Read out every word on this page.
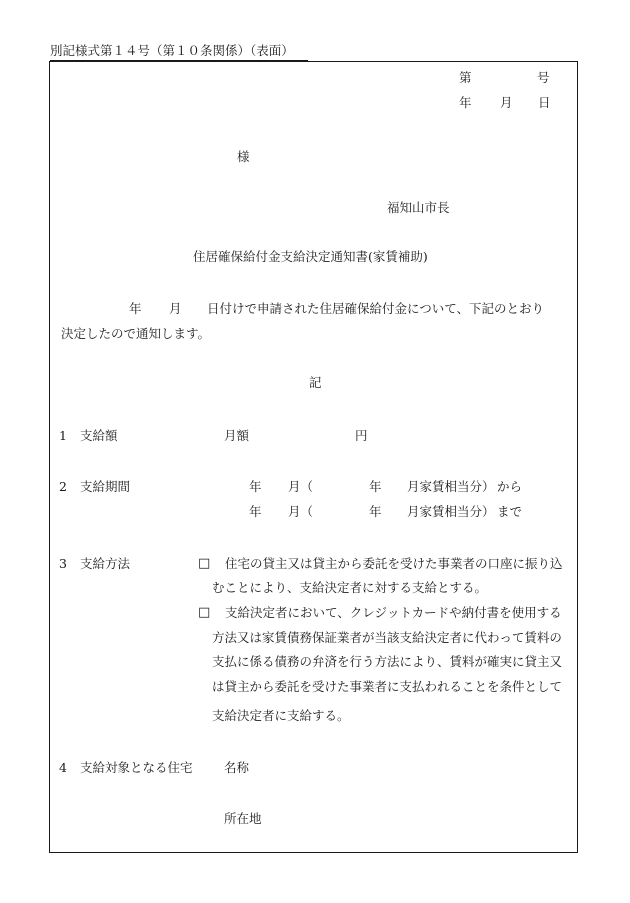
別記様式第１４号（第１０条関係）（表面）
第	号
年 月 日
様
福知山市長
住居確保給付金支給決定通知書(家賃補助)
年 月 日付けで申請された住居確保給付金について、下記のとおり
決定したので通知します。
記
1 支給額	月額	円
2 支給期間	年 月（	年 月家賃相当分） から
年 月（	年 月家賃相当分） まで
3 支給方法	□ 住宅の貸主又は貸主から委託を受けた事業者の口座に振り込
むことにより、支給決定者に対する支給とする。
□ 支給決定者において、クレジットカードや納付書を使用する
方法又は家賃債務保証業者が当該支給決定者に代わって賃料の
支払に係る債務の弁済を行う方法により、賃料が確実に貸主又
は貸主から委託を受けた事業者に支払われることを条件として
支給決定者に支給する。
4 支給対象となる住宅	名称
所在地
